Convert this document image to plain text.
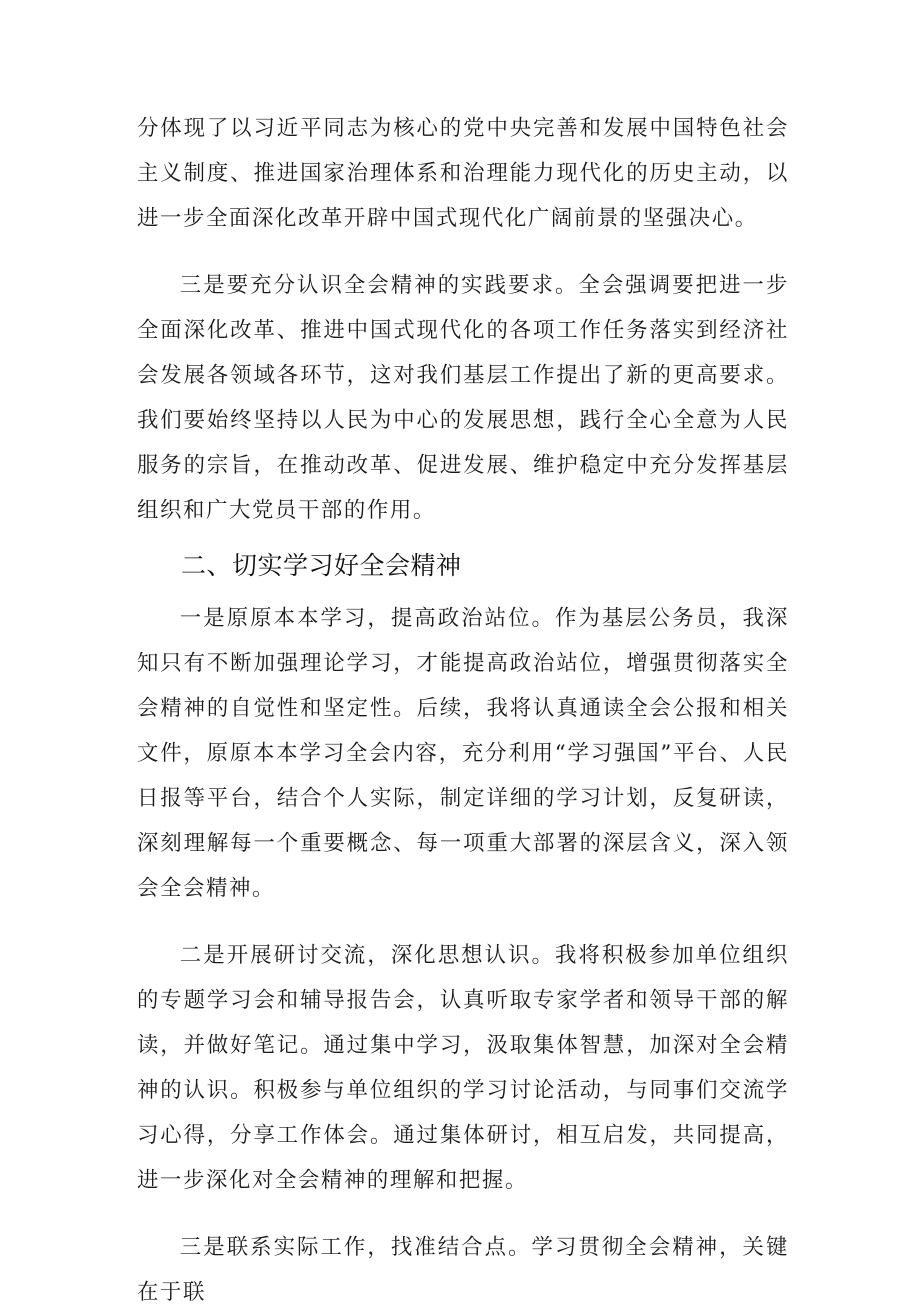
分体现了以习近平同志为核心的党中央完善和发展中国特色社会主义制度、推进国家治理体系和治理能力现代化的历史主动，以进一步全面深化改革开辟中国式现代化广阔前景的坚强决心。

三是要充分认识全会精神的实践要求。全会强调要把进一步全面深化改革、推进中国式现代化的各项工作任务落实到经济社会发展各领域各环节，这对我们基层工作提出了新的更高要求。我们要始终坚持以人民为中心的发展思想，践行全心全意为人民服务的宗旨，在推动改革、促进发展、维护稳定中充分发挥基层组织和广大党员干部的作用。

二、切实学习好全会精神

一是原原本本学习，提高政治站位。作为基层公务员，我深知只有不断加强理论学习，才能提高政治站位，增强贯彻落实全会精神的自觉性和坚定性。后续，我将认真通读全会公报和相关文件，原原本本学习全会内容，充分利用“学习强国”平台、人民日报等平台，结合个人实际，制定详细的学习计划，反复研读，深刻理解每一个重要概念、每一项重大部署的深层含义，深入领会全会精神。

二是开展研讨交流，深化思想认识。我将积极参加单位组织的专题学习会和辅导报告会，认真听取专家学者和领导干部的解读，并做好笔记。通过集中学习，汲取集体智慧，加深对全会精神的认识。积极参与单位组织的学习讨论活动，与同事们交流学习心得，分享工作体会。通过集体研讨，相互启发，共同提高，进一步深化对全会精神的理解和把握。

三是联系实际工作，找准结合点。学习贯彻全会精神，关键在于联
